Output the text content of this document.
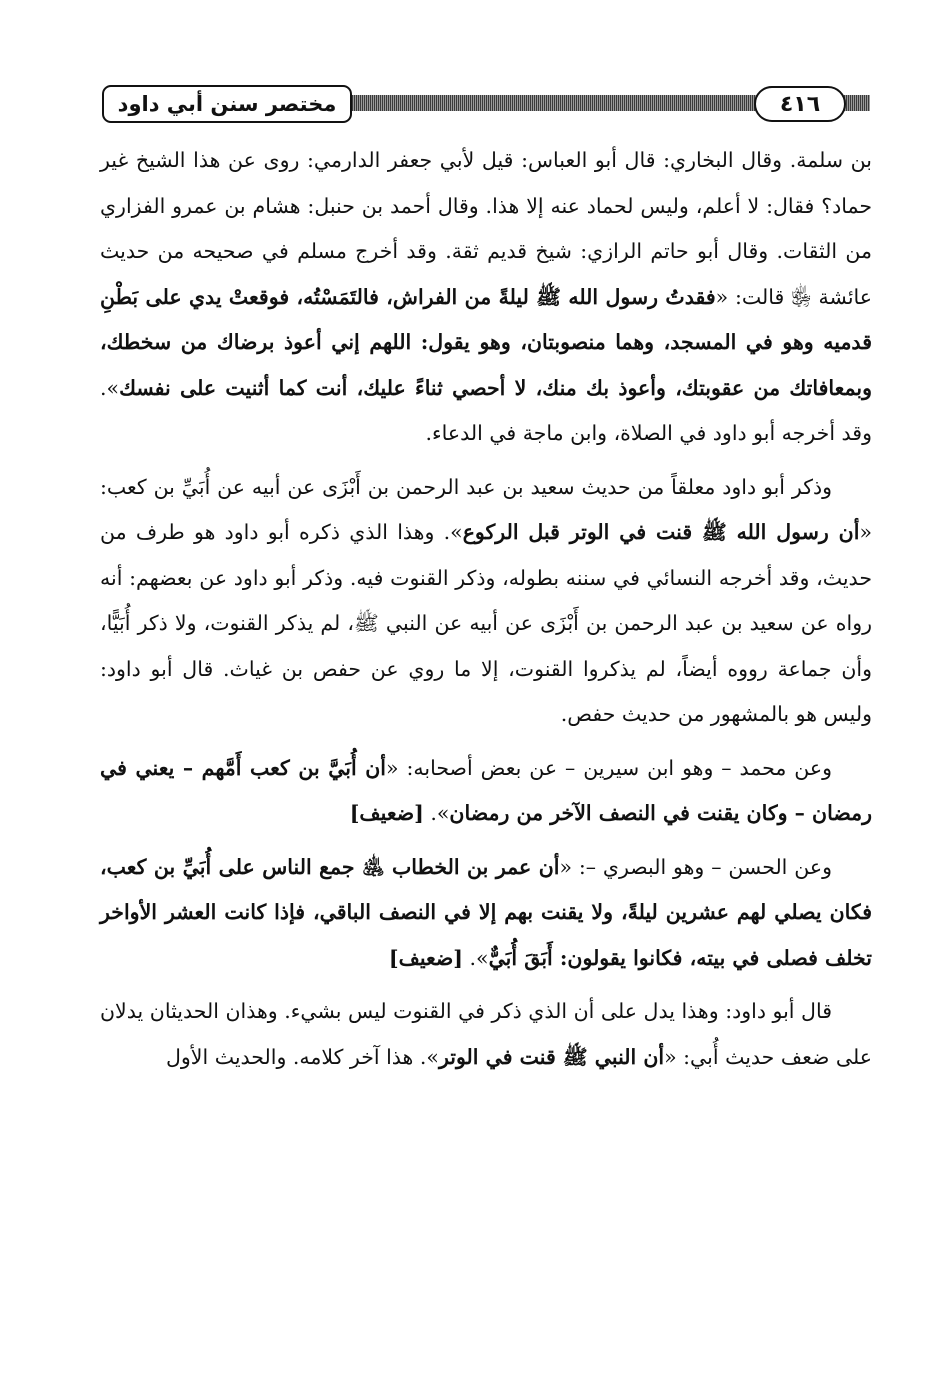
مختصر سنن أبي داود	٤١٦

بن سلمة. وقال البخاري: قال أبو العباس: قيل لأبي جعفر الدارمي: روى عن هذا الشيخ غير حماد؟ فقال: لا أعلم، وليس لحماد عنه إلا هذا. وقال أحمد بن حنبل: هشام بن عمرو الفزاري من الثقات. وقال أبو حاتم الرازي: شيخ قديم ثقة. وقد أخرج مسلم في صحيحه من حديث عائشة ﵂ قالت: «فقدتُ رسول الله ﷺ ليلةً من الفراش، فالتَمَسْتُه، فوقعتْ يدي على بَطْنِ قدميه وهو في المسجد، وهما منصوبتان، وهو يقول: اللهم إني أعوذ برضاك من سخطك، وبمعافاتك من عقوبتك، وأعوذ بك منك، لا أحصي ثناءً عليك، أنت كما أثنيت على نفسك». وقد أخرجه أبو داود في الصلاة، وابن ماجة في الدعاء.

وذكر أبو داود معلقاً من حديث سعيد بن عبد الرحمن بن أَبْزَى عن أبيه عن أُبَيِّ بن كعب: «أن رسول الله ﷺ قنت في الوتر قبل الركوع». وهذا الذي ذكره أبو داود هو طرف من حديث، وقد أخرجه النسائي في سننه بطوله، وذكر القنوت فيه. وذكر أبو داود عن بعضهم: أنه رواه عن سعيد بن عبد الرحمن بن أَبْزَى عن أبيه عن النبي ﷺ، لم يذكر القنوت، ولا ذكر أُبَيًّا، وأن جماعة رووه أيضاً، لم يذكروا القنوت، إلا ما روي عن حفص بن غياث. قال أبو داود: وليس هو بالمشهور من حديث حفص.

وعن محمد – وهو ابن سيرين – عن بعض أصحابه: «أن أُبَيَّ بن كعب أَمَّهم – يعني في رمضان – وكان يقنت في النصف الآخر من رمضان». [ضعيف]

وعن الحسن – وهو البصري –: «أن عمر بن الخطاب ﵁ جمع الناس على أُبَيِّ بن كعب، فكان يصلي لهم عشرين ليلةً، ولا يقنت بهم إلا في النصف الباقي، فإذا كانت العشر الأواخر تخلف فصلى في بيته، فكانوا يقولون: أَبَقَ أُبَيٌّ». [ضعيف]

قال أبو داود: وهذا يدل على أن الذي ذكر في القنوت ليس بشيء. وهذان الحديثان يدلان على ضعف حديث أُبي: «أن النبي ﷺ قنت في الوتر». هذا آخر كلامه. والحديث الأول
